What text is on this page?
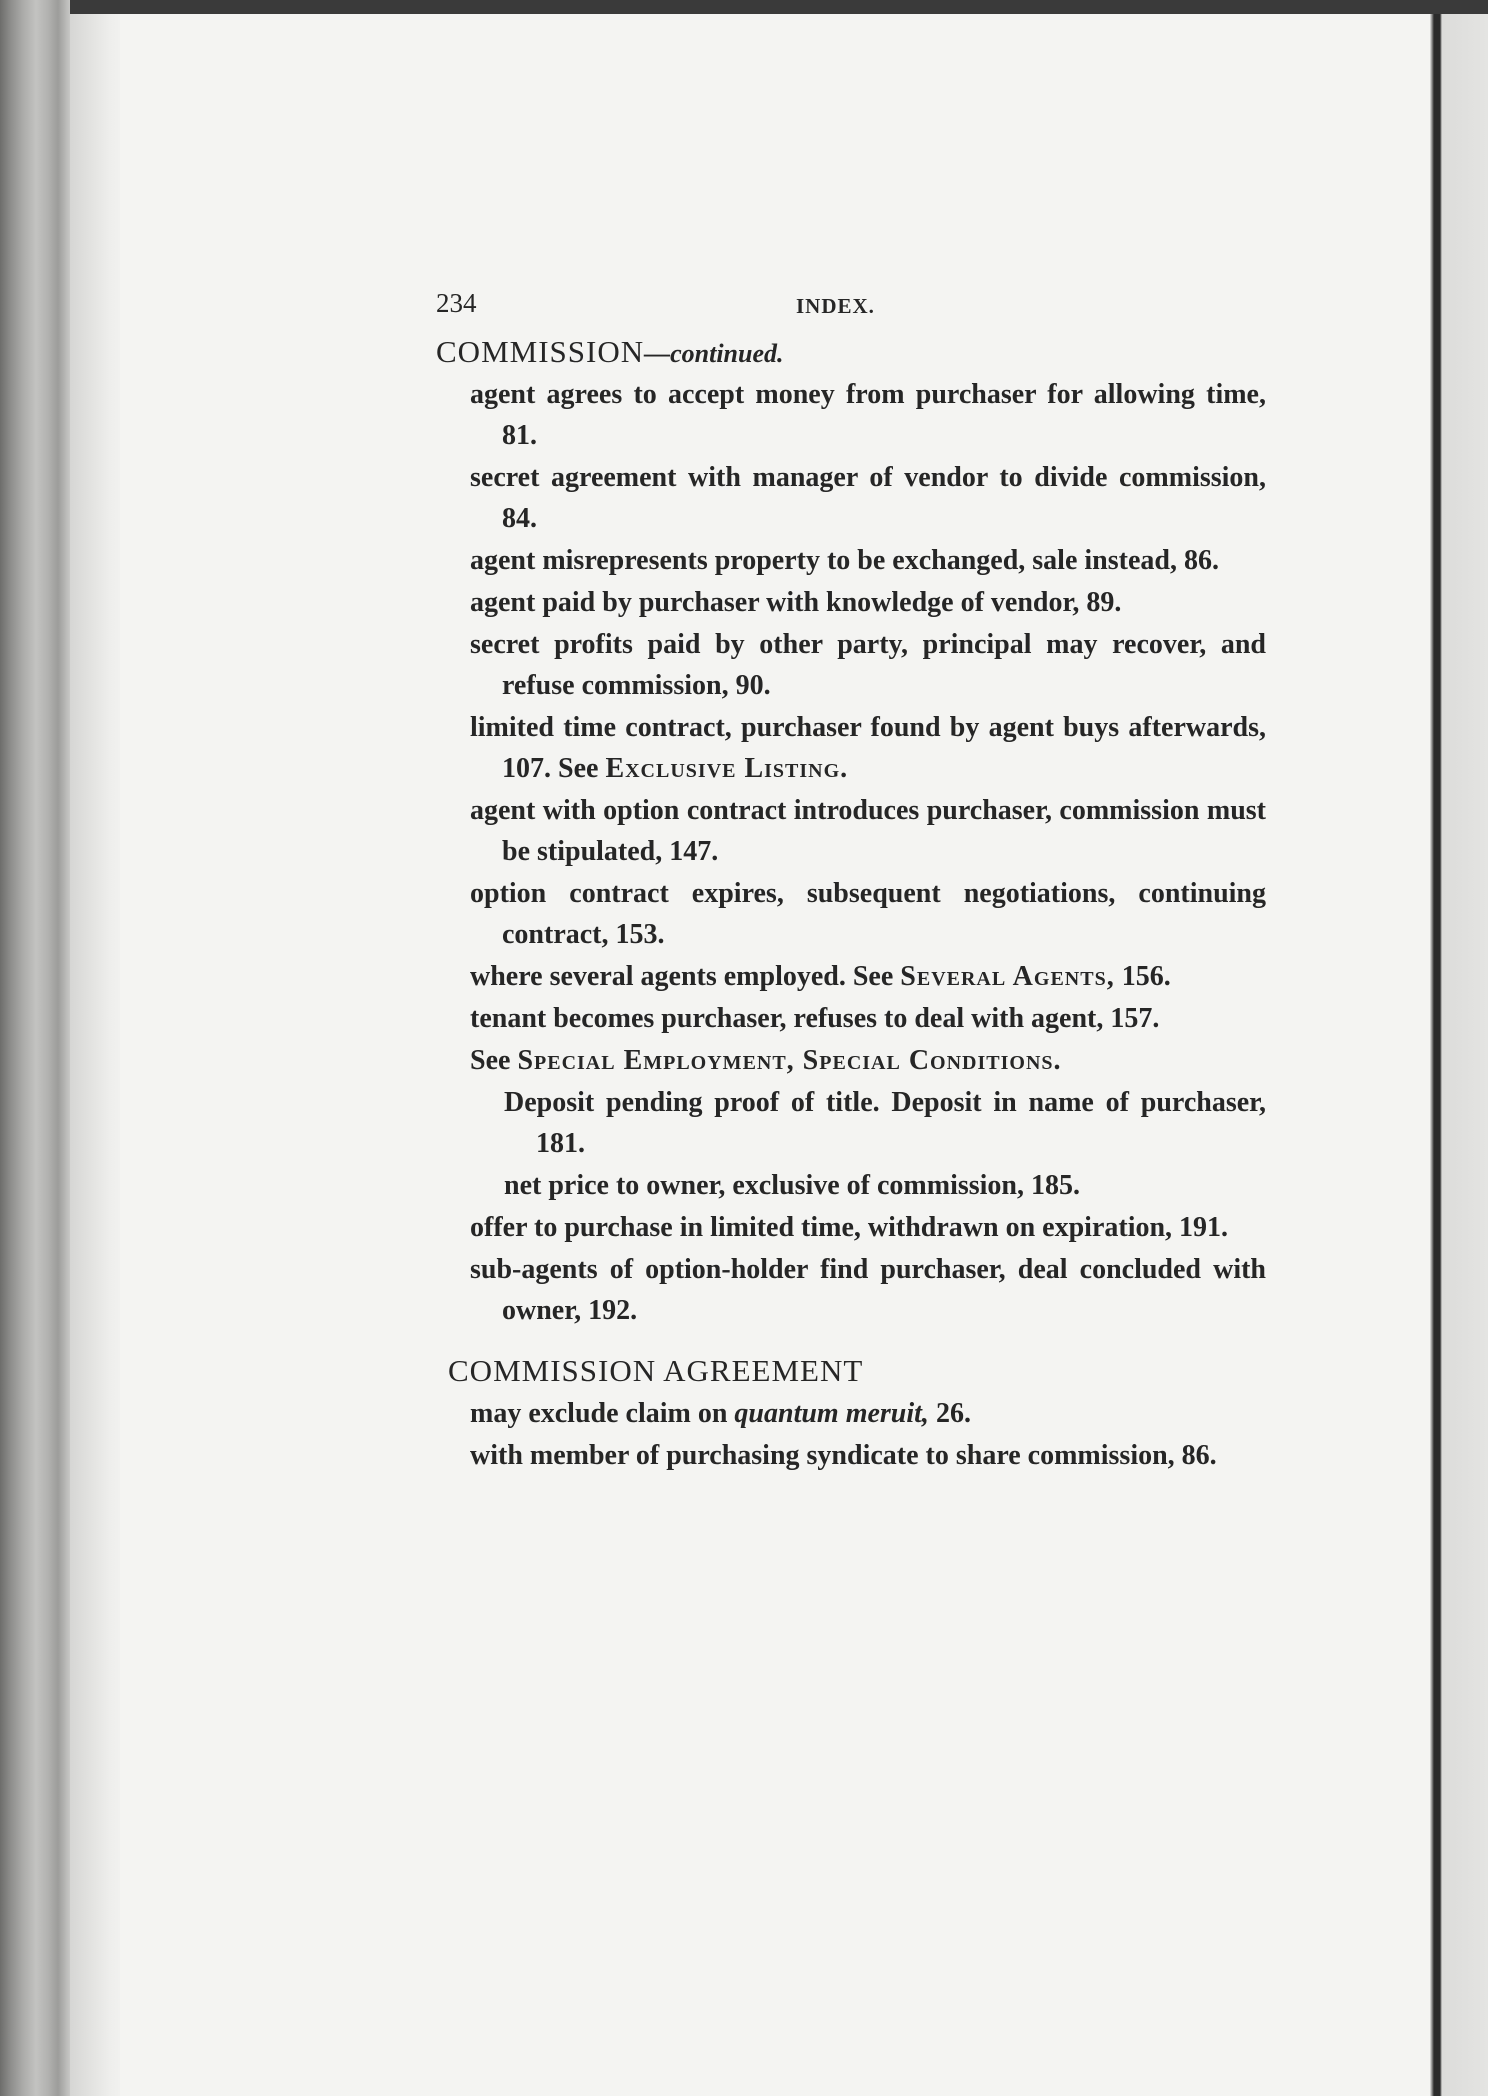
234	INDEX.
COMMISSION—continued.

agent agrees to accept money from purchaser for allowing time, 81.

secret agreement with manager of vendor to divide commission, 84.

agent misrepresents property to be exchanged, sale instead, 86.

agent paid by purchaser with knowledge of vendor, 89.

secret profits paid by other party, principal may recover, and refuse commission, 90.

limited time contract, purchaser found by agent buys afterwards, 107. See Exclusive Listing.

agent with option contract introduces purchaser, commission must be stipulated, 147.

option contract expires, subsequent negotiations, continuing contract, 153.

where several agents employed. See Several Agents, 156.

tenant becomes purchaser, refuses to deal with agent, 157.

See Special Employment, Special Conditions.

Deposit pending proof of title. Deposit in name of purchaser, 181.

net price to owner, exclusive of commission, 185.

offer to purchase in limited time, withdrawn on expiration, 191.

sub-agents of option-holder find purchaser, deal concluded with owner, 192.

COMMISSION AGREEMENT

may exclude claim on quantum meruit, 26.

with member of purchasing syndicate to share commission, 86.
